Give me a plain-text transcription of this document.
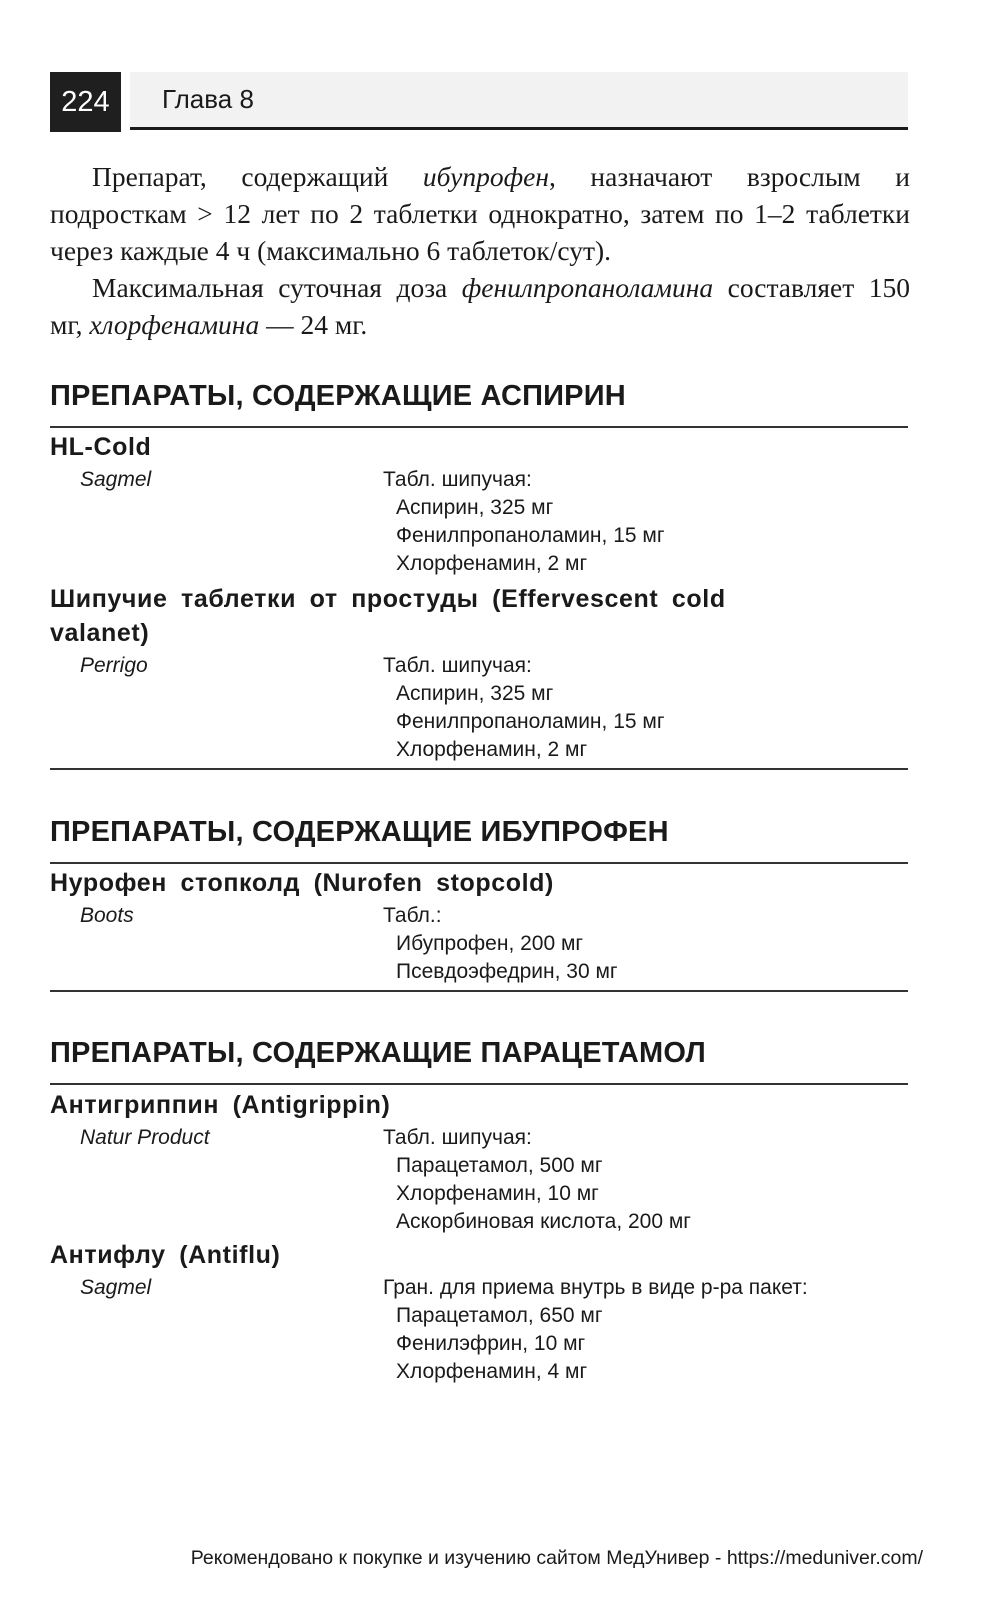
224	Глава 8

Препарат, содержащий ибупрофен, назначают взрослым и подросткам > 12 лет по 2 таблетки однократно, затем по 1–2 таблетки через каждые 4 ч (максимально 6 таблеток/сут).

Максимальная суточная доза фенилпропаноламина составляет 150 мг, хлорфенамина — 24 мг.

ПРЕПАРАТЫ, СОДЕРЖАЩИЕ АСПИРИН

HL-Cold

Sagmel	Табл. шипучая:
Аспирин, 325 мг
Фенилпропаноламин, 15 мг
Хлорфенамин, 2 мг

Шипучие таблетки от простуды (Effervescent cold valanet)

Perrigo	Табл. шипучая:
Аспирин, 325 мг
Фенилпропаноламин, 15 мг
Хлорфенамин, 2 мг
ПРЕПАРАТЫ, СОДЕРЖАЩИЕ ИБУПРОФЕН

Нурофен стопколд (Nurofen stopcold)

Boots	Табл.:
Ибупрофен, 200 мг
Псевдоэфедрин, 30 мг
ПРЕПАРАТЫ, СОДЕРЖАЩИЕ ПАРАЦЕТАМОЛ

Антигриппин (Antigrippin)

Natur Product	Табл. шипучая:
Парацетамол, 500 мг
Хлорфенамин, 10 мг
Аскорбиновая кислота, 200 мг

Антифлу (Antiflu)

Sagmel	Гран. для приема внутрь в виде р-ра пакет:
Парацетамол, 650 мг
Фенилэфрин, 10 мг
Хлорфенамин, 4 мг
Рекомендовано к покупке и изучению сайтом МедУнивер - https://meduniver.com/
